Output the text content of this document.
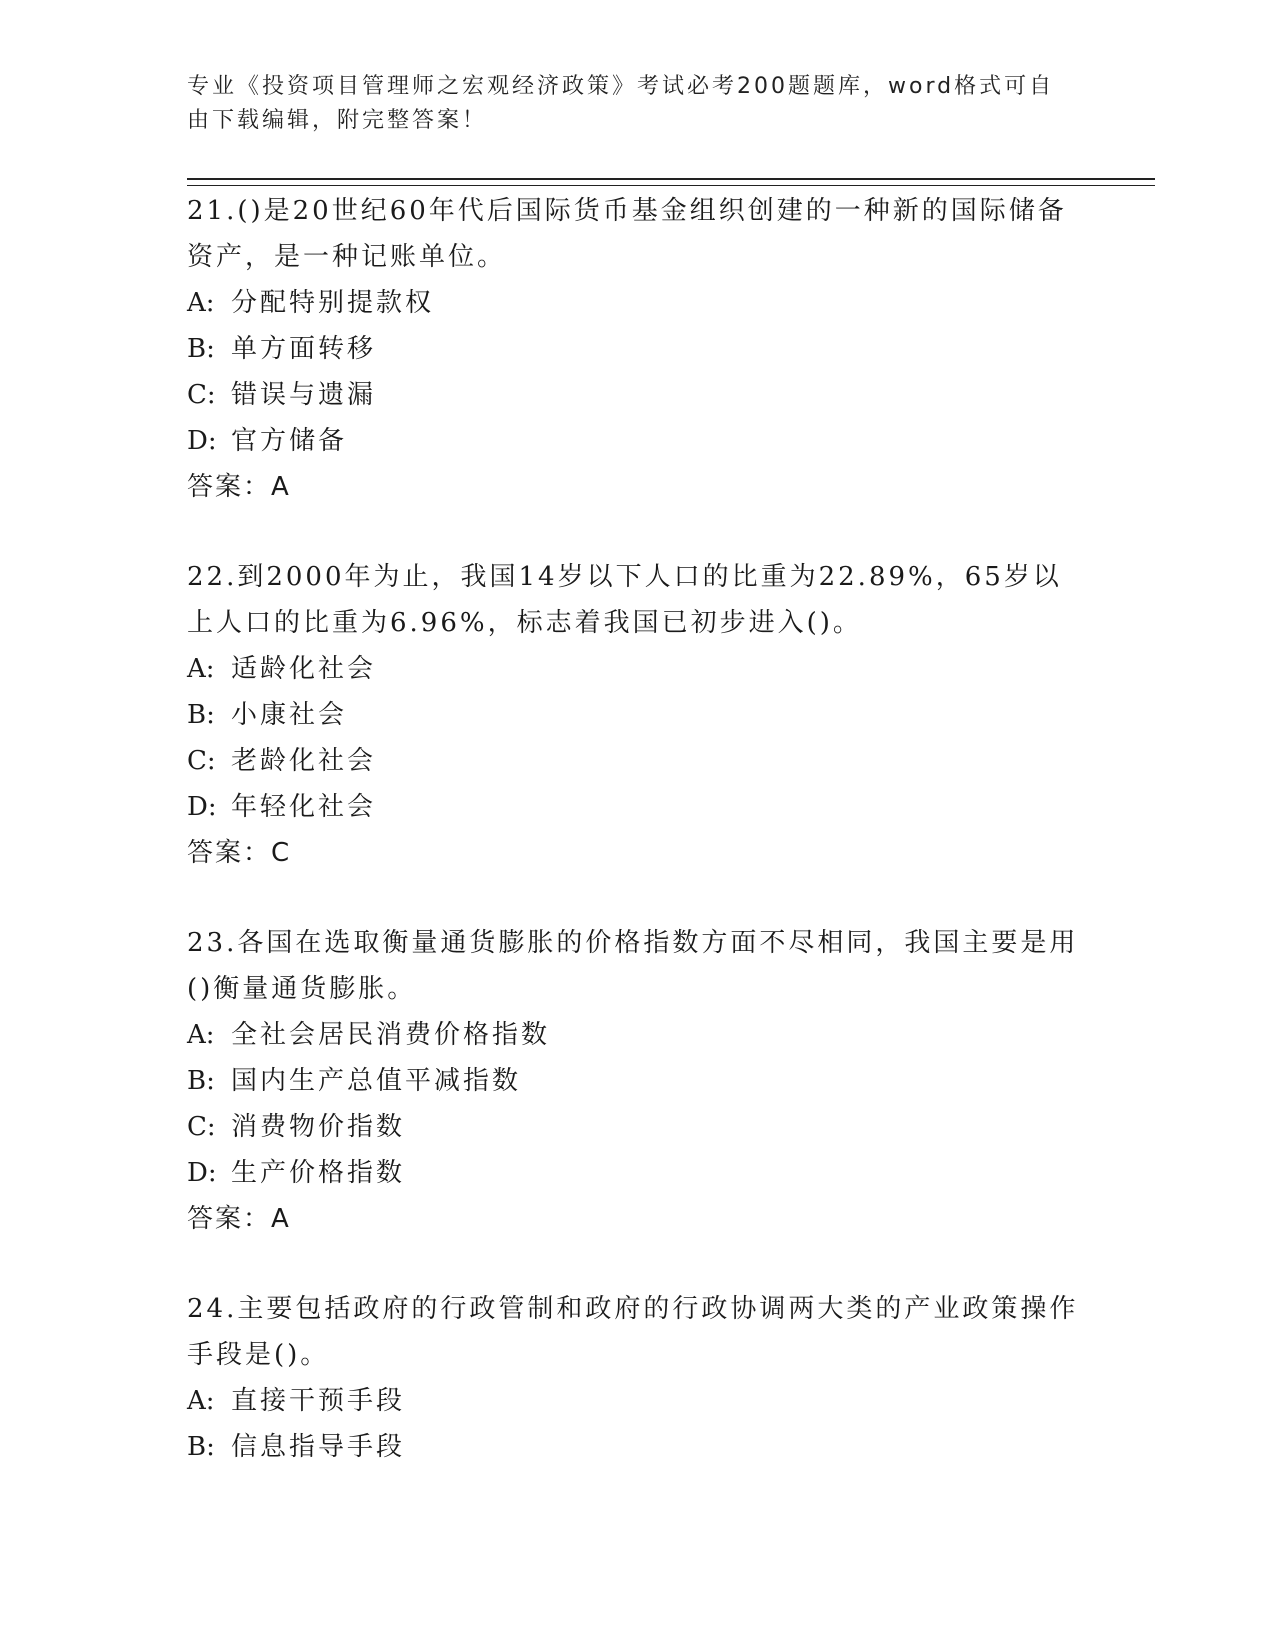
专业《投资项目管理师之宏观经济政策》考试必考200题题库，word格式可自由下载编辑，附完整答案！
21.()是20世纪60年代后国际货币基金组织创建的一种新的国际储备资产，是一种记账单位。
A: 分配特别提款权
B: 单方面转移
C: 错误与遗漏
D: 官方储备
答案：A
22.到2000年为止，我国14岁以下人口的比重为22.89%，65岁以上人口的比重为6.96%，标志着我国已初步进入()。
A: 适龄化社会
B: 小康社会
C: 老龄化社会
D: 年轻化社会
答案：C
23.各国在选取衡量通货膨胀的价格指数方面不尽相同，我国主要是用()衡量通货膨胀。
A: 全社会居民消费价格指数
B: 国内生产总值平减指数
C: 消费物价指数
D: 生产价格指数
答案：A
24.主要包括政府的行政管制和政府的行政协调两大类的产业政策操作手段是()。
A: 直接干预手段
B: 信息指导手段
